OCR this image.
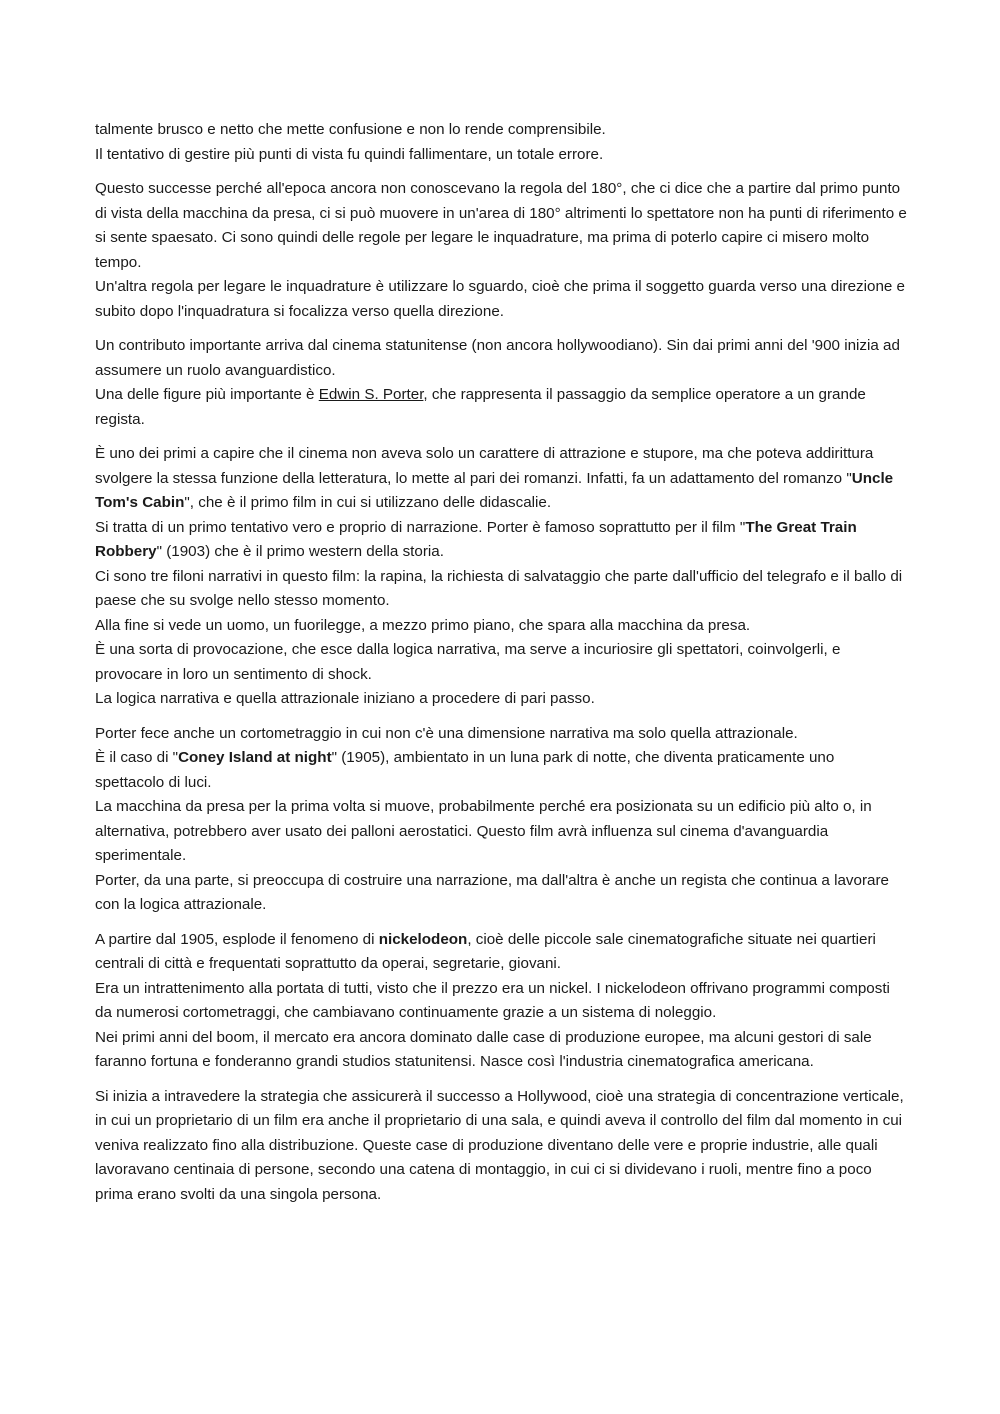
talmente brusco e netto che mette confusione e non lo rende comprensibile.
Il tentativo di gestire più punti di vista fu quindi fallimentare, un totale errore.
Questo successe perché all'epoca ancora non conoscevano la regola del 180°, che ci dice che a partire dal primo punto di vista della macchina da presa, ci si può muovere in un'area di 180° altrimenti lo spettatore non ha punti di riferimento e si sente spaesato. Ci sono quindi delle regole per legare le inquadrature, ma prima di poterlo capire ci misero molto tempo.
Un'altra regola per legare le inquadrature è utilizzare lo sguardo, cioè che prima il soggetto guarda verso una direzione e subito dopo l'inquadratura si focalizza verso quella direzione.
Un contributo importante arriva dal cinema statunitense (non ancora hollywoodiano). Sin dai primi anni del '900 inizia ad assumere un ruolo avanguardistico.
Una delle figure più importante è Edwin S. Porter, che rappresenta il passaggio da semplice operatore a un grande regista.
È uno dei primi a capire che il cinema non aveva solo un carattere di attrazione e stupore, ma che poteva addirittura svolgere la stessa funzione della letteratura, lo mette al pari dei romanzi. Infatti, fa un adattamento del romanzo "Uncle Tom's Cabin", che è il primo film in cui si utilizzano delle didascalie.
Si tratta di un primo tentativo vero e proprio di narrazione. Porter è famoso soprattutto per il film "The Great Train Robbery" (1903) che è il primo western della storia.
Ci sono tre filoni narrativi in questo film: la rapina, la richiesta di salvataggio che parte dall'ufficio del telegrafo e il ballo di paese che su svolge nello stesso momento.
Alla fine si vede un uomo, un fuorilegge, a mezzo primo piano, che spara alla macchina da presa.
È una sorta di provocazione, che esce dalla logica narrativa, ma serve a incuriosire gli spettatori, coinvolgerli, e provocare in loro un sentimento di shock.
La logica narrativa e quella attrazionale iniziano a procedere di pari passo.
Porter fece anche un cortometraggio in cui non c'è una dimensione narrativa ma solo quella attrazionale.
È il caso di "Coney Island at night" (1905), ambientato in un luna park di notte, che diventa praticamente uno spettacolo di luci.
La macchina da presa per la prima volta si muove, probabilmente perché era posizionata su un edificio più alto o, in alternativa, potrebbero aver usato dei palloni aerostatici. Questo film avrà influenza sul cinema d'avanguardia sperimentale.
Porter, da una parte, si preoccupa di costruire una narrazione, ma dall'altra è anche un regista che continua a lavorare con la logica attrazionale.
A partire dal 1905, esplode il fenomeno di nickelodeon, cioè delle piccole sale cinematografiche situate nei quartieri centrali di città e frequentati soprattutto da operai, segretarie, giovani.
Era un intrattenimento alla portata di tutti, visto che il prezzo era un nickel. I nickelodeon offrivano programmi composti da numerosi cortometraggi, che cambiavano continuamente grazie a un sistema di noleggio.
Nei primi anni del boom, il mercato era ancora dominato dalle case di produzione europee, ma alcuni gestori di sale faranno fortuna e fonderanno grandi studios statunitensi. Nasce così l'industria cinematografica americana.
Si inizia a intravedere la strategia che assicurerà il successo a Hollywood, cioè una strategia di concentrazione verticale, in cui un proprietario di un film era anche il proprietario di una sala, e quindi aveva il controllo del film dal momento in cui veniva realizzato fino alla distribuzione. Queste case di produzione diventano delle vere e proprie industrie, alle quali lavoravano centinaia di persone, secondo una catena di montaggio, in cui ci si dividevano i ruoli, mentre fino a poco prima erano svolti da una singola persona.
